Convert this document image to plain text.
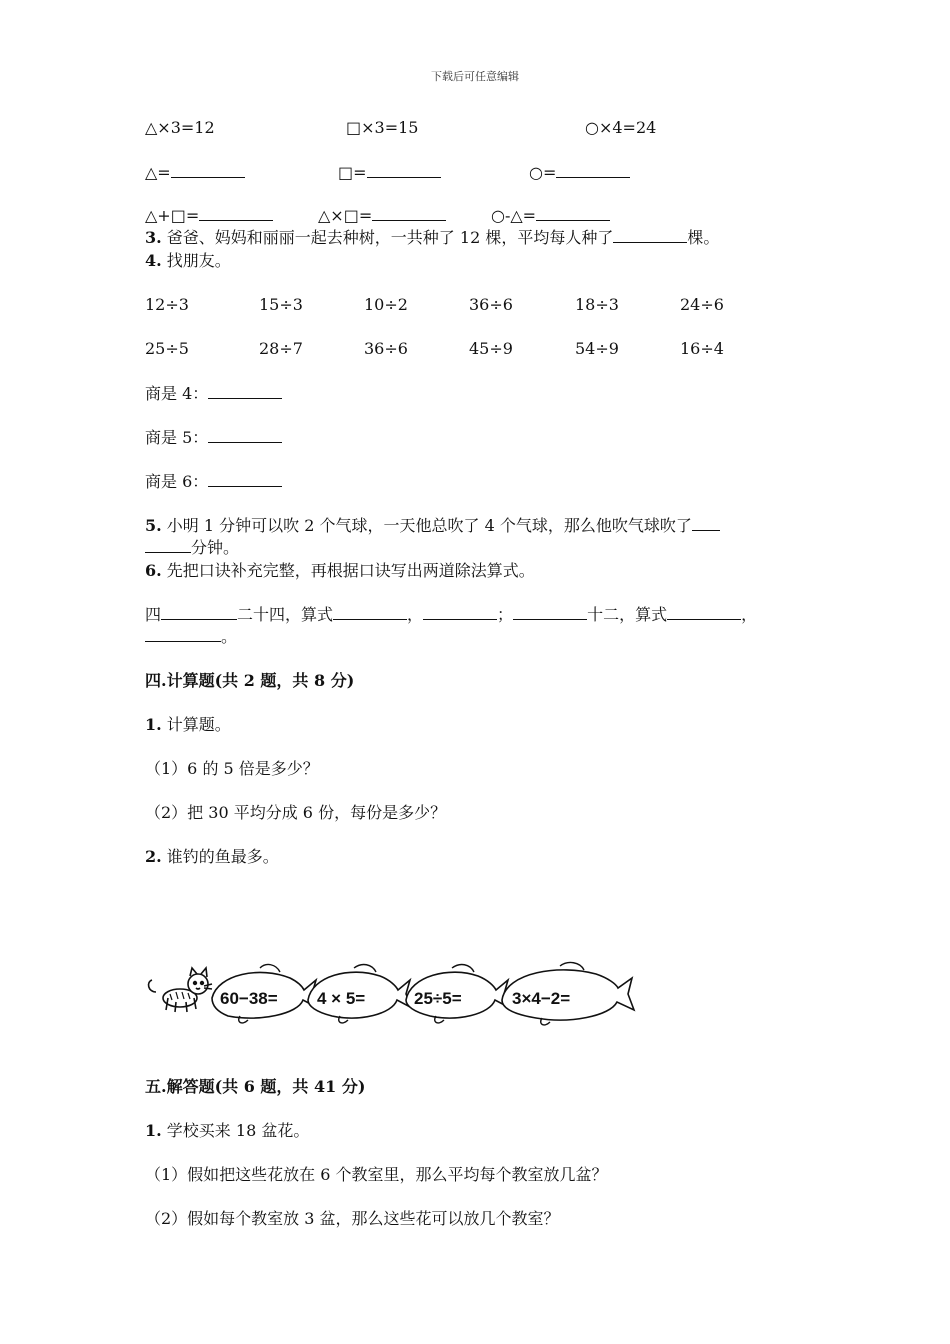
下载后可任意编辑
△×3=12	□×3=15	○×4=24
△=	□=	○=
△+□=	△×□=	○-△=
3. 爸爸、妈妈和丽丽一起去种树，一共种了 12 棵，平均每人种了	棵。
4. 找朋友。
12÷3	15÷3	10÷2	36÷6	18÷3	24÷6
25÷5	28÷7	36÷6	45÷9	54÷9	16÷4
商是 4：
商是 5：
商是 6：
5. 小明 1 分钟可以吹 2 个气球，一天他总吹了 4 个气球，那么他吹气球吹了
分钟。
6. 先把口诀补充完整，再根据口诀写出两道除法算式。
四	二十四，算式	，	；	十二，算式	，
。
四.计算题(共 2 题，共 8 分)
1. 计算题。
（1）6 的 5 倍是多少？
（2）把 30 平均分成 6 份，每份是多少？
2. 谁钓的鱼最多。
60−38= 4 × 5=	25÷5=	3×4−2=
五.解答题(共 6 题，共 41 分)
1. 学校买来 18 盆花。
（1）假如把这些花放在 6 个教室里，那么平均每个教室放几盆？
（2）假如每个教室放 3 盆，那么这些花可以放几个教室？
